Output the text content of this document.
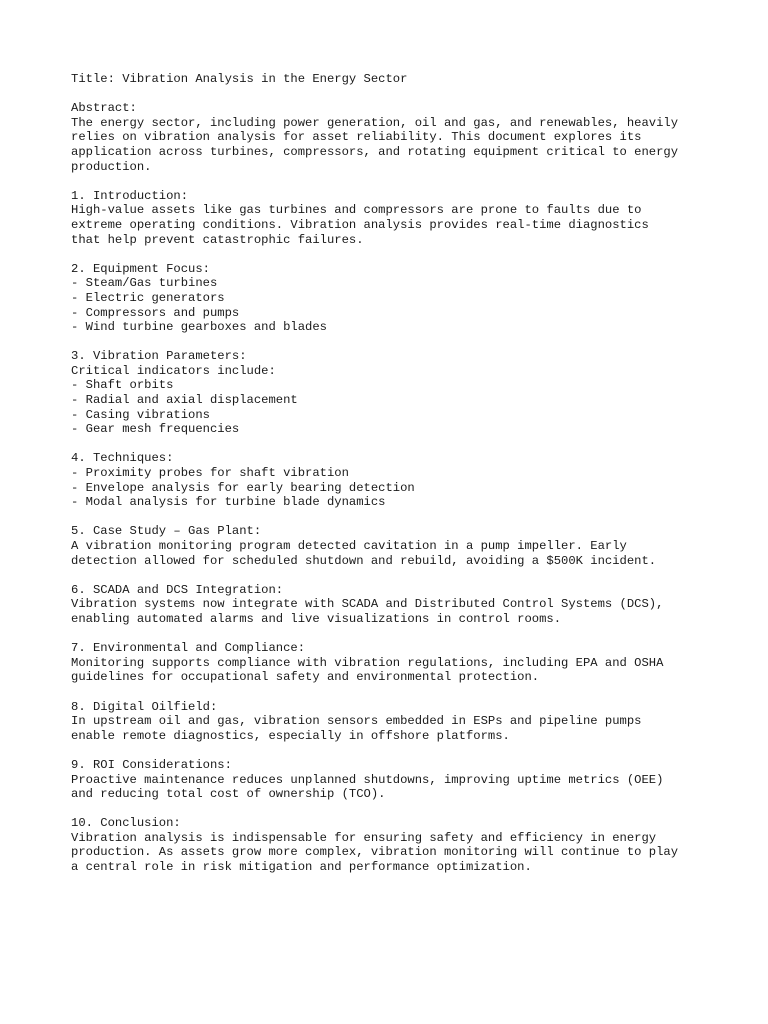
Title: Vibration Analysis in the Energy Sector
Abstract:
The energy sector, including power generation, oil and gas, and renewables, heavily
relies on vibration analysis for asset reliability. This document explores its
application across turbines, compressors, and rotating equipment critical to energy
production.
1. Introduction:
High-value assets like gas turbines and compressors are prone to faults due to
extreme operating conditions. Vibration analysis provides real-time diagnostics
that help prevent catastrophic failures.
2. Equipment Focus:
- Steam/Gas turbines
- Electric generators
- Compressors and pumps
- Wind turbine gearboxes and blades
3. Vibration Parameters:
Critical indicators include:
- Shaft orbits
- Radial and axial displacement
- Casing vibrations
- Gear mesh frequencies
4. Techniques:
- Proximity probes for shaft vibration
- Envelope analysis for early bearing detection
- Modal analysis for turbine blade dynamics
5. Case Study – Gas Plant:
A vibration monitoring program detected cavitation in a pump impeller. Early
detection allowed for scheduled shutdown and rebuild, avoiding a $500K incident.
6. SCADA and DCS Integration:
Vibration systems now integrate with SCADA and Distributed Control Systems (DCS),
enabling automated alarms and live visualizations in control rooms.
7. Environmental and Compliance:
Monitoring supports compliance with vibration regulations, including EPA and OSHA
guidelines for occupational safety and environmental protection.
8. Digital Oilfield:
In upstream oil and gas, vibration sensors embedded in ESPs and pipeline pumps
enable remote diagnostics, especially in offshore platforms.
9. ROI Considerations:
Proactive maintenance reduces unplanned shutdowns, improving uptime metrics (OEE)
and reducing total cost of ownership (TCO).
10. Conclusion:
Vibration analysis is indispensable for ensuring safety and efficiency in energy
production. As assets grow more complex, vibration monitoring will continue to play
a central role in risk mitigation and performance optimization.
